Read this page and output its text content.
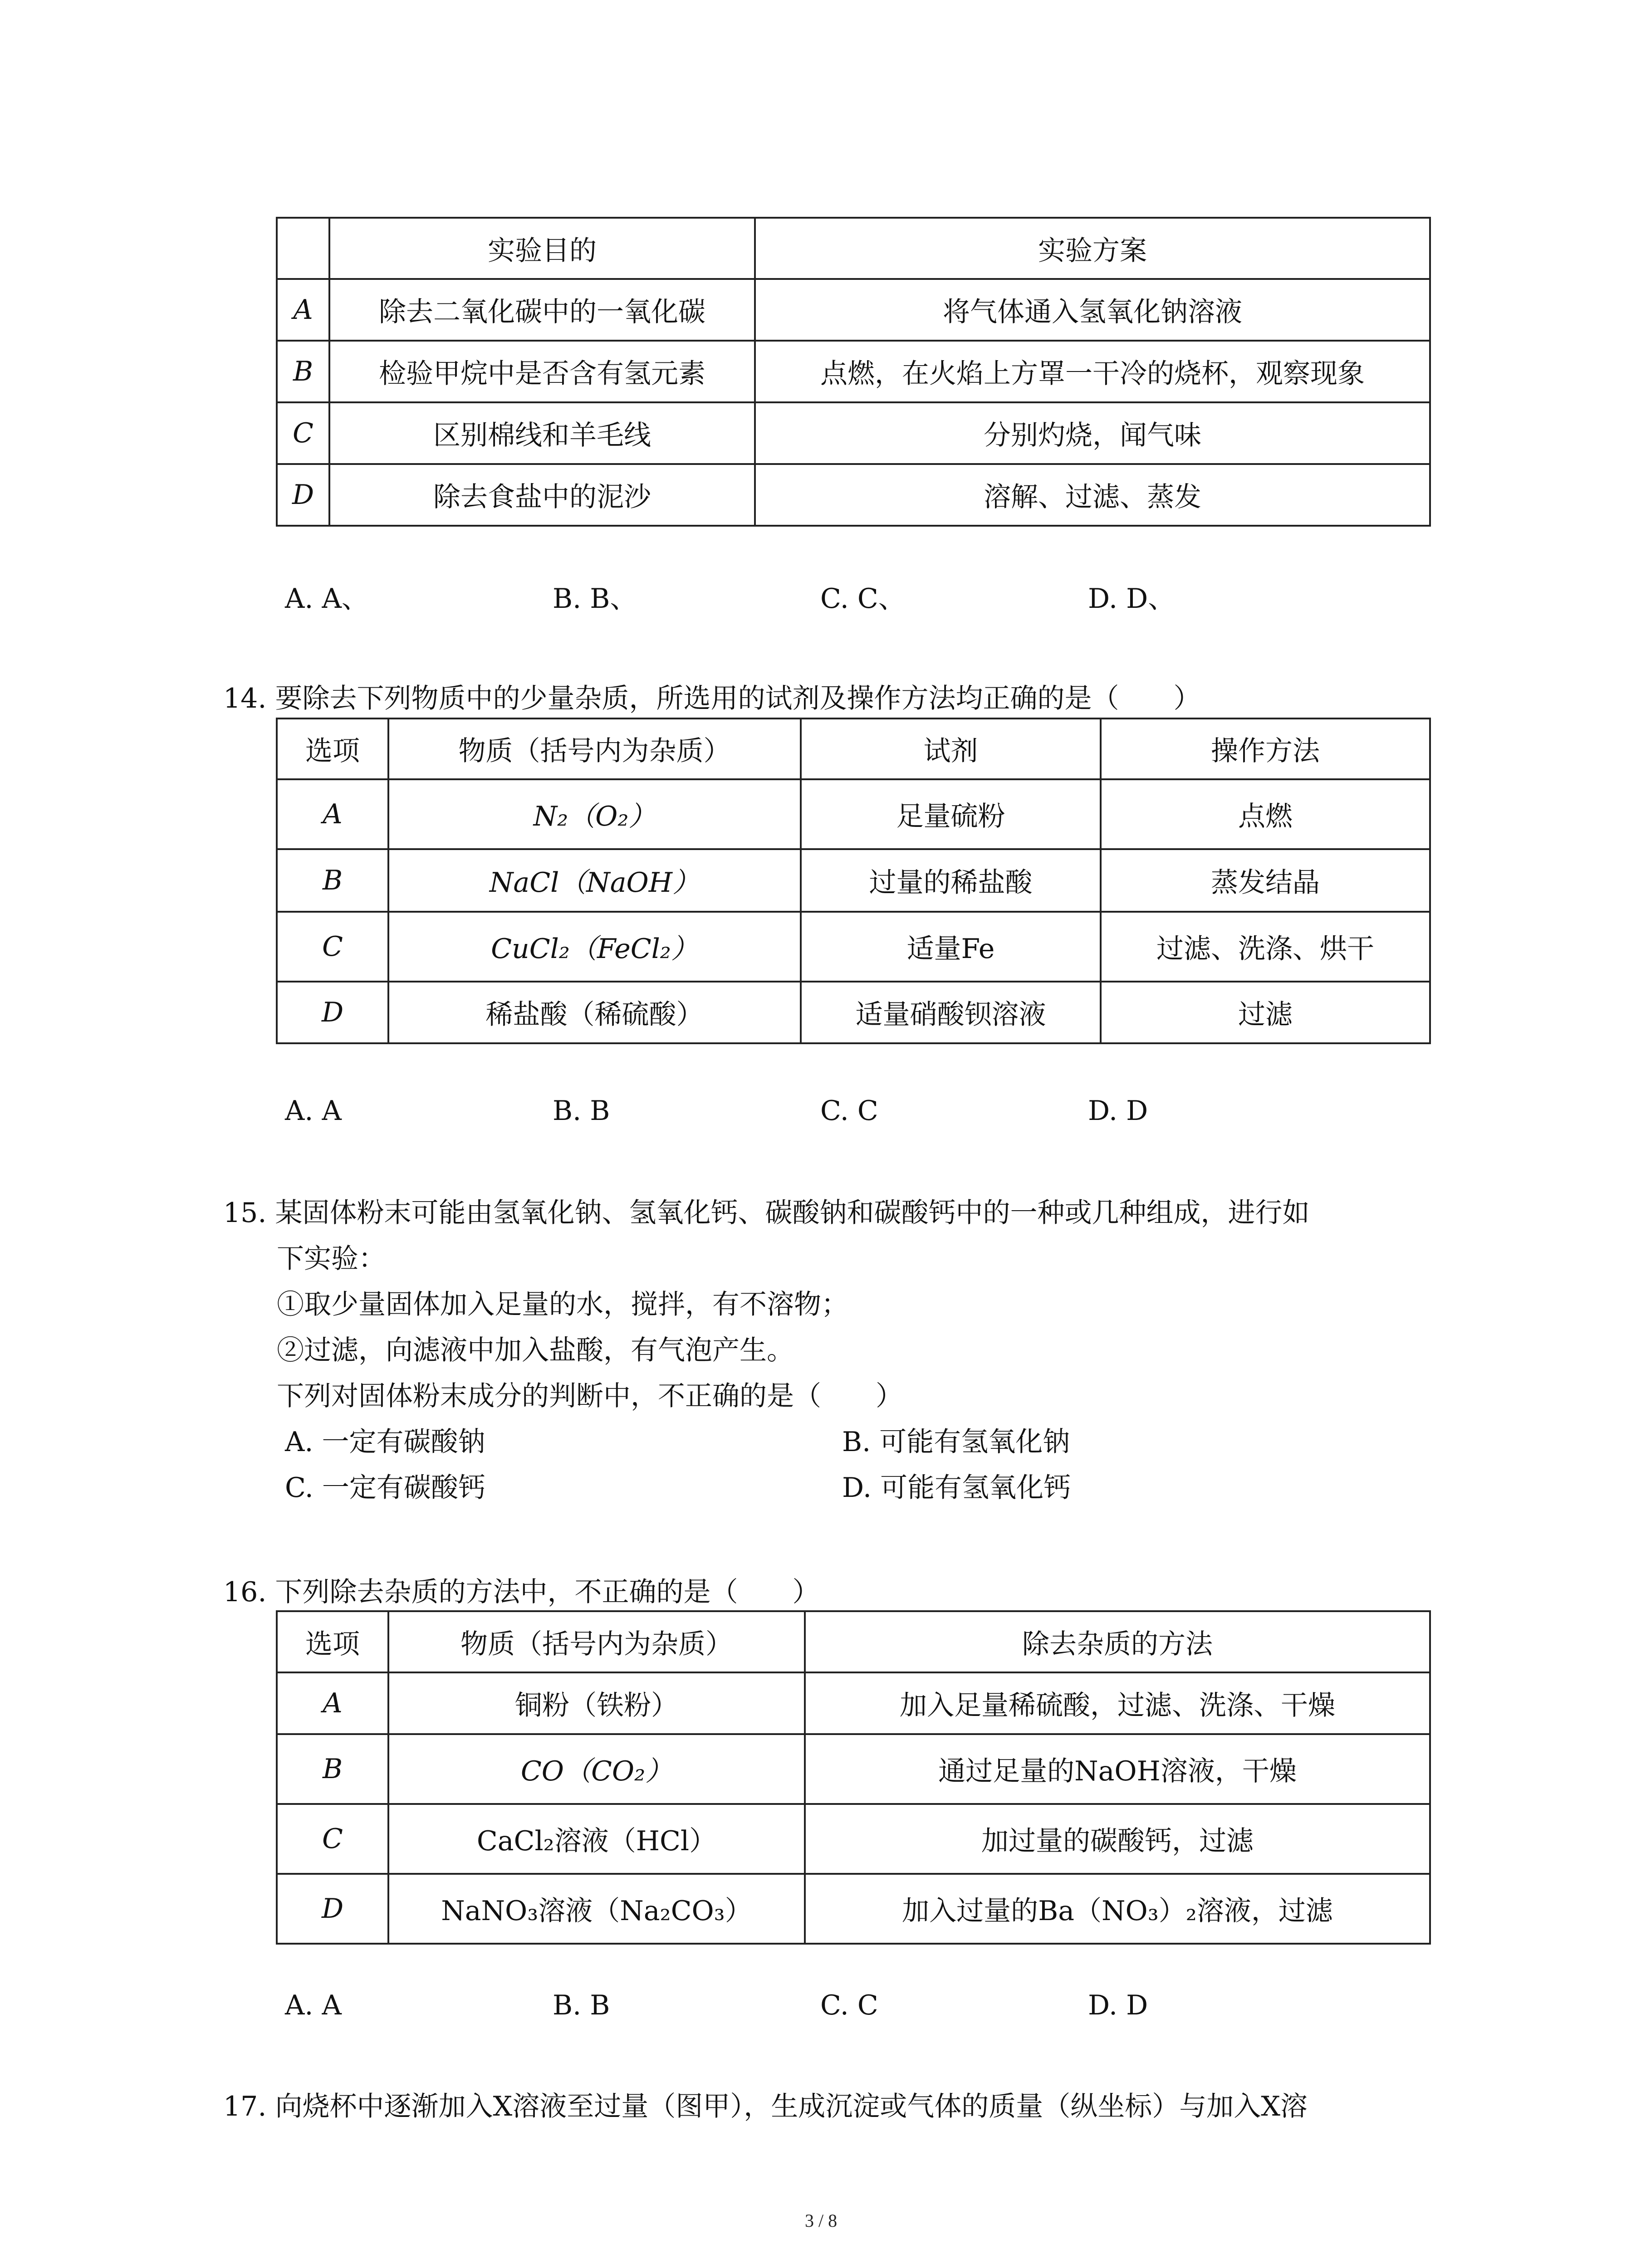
	实验目的	实验方案
A	除去二氧化碳中的一氧化碳	将气体通入氢氧化钠溶液
B	检验甲烷中是否含有氢元素	点燃，在火焰上方罩一干冷的烧杯，观察现象
C	区别棉线和羊毛线	分别灼烧，闻气味
D	除去食盐中的泥沙	溶解、过滤、蒸发
A. A、	B. B、	C. C、	D. D、
14. 要除去下列物质中的少量杂质，所选用的试剂及操作方法均正确的是（　　）
选项	物质（括号内为杂质）	试剂	操作方法
A	N₂（O₂）	足量硫粉	点燃
B	NaCl（NaOH）	过量的稀盐酸	蒸发结晶
C	CuCl₂（FeCl₂）	适量Fe	过滤、洗涤、烘干
D	稀盐酸（稀硫酸）	适量硝酸钡溶液	过滤
A. A	B. B	C. C	D. D
15. 某固体粉末可能由氢氧化钠、氢氧化钙、碳酸钠和碳酸钙中的一种或几种组成，进行如
下实验：
①取少量固体加入足量的水，搅拌，有不溶物；
②过滤，向滤液中加入盐酸，有气泡产生。
下列对固体粉末成分的判断中，不正确的是（　　）
A. 一定有碳酸钠	B. 可能有氢氧化钠
C. 一定有碳酸钙	D. 可能有氢氧化钙
16. 下列除去杂质的方法中，不正确的是（　　）
选项	物质（括号内为杂质）	除去杂质的方法
A	铜粉（铁粉）	加入足量稀硫酸，过滤、洗涤、干燥
B	CO（CO₂）	通过足量的NaOH溶液，干燥
C	CaCl₂溶液（HCl）	加过量的碳酸钙，过滤
D	NaNO₃溶液（Na₂CO₃）	加入过量的Ba（NO₃）₂溶液，过滤
A. A	B. B	C. C	D. D
17. 向烧杯中逐渐加入X溶液至过量（图甲），生成沉淀或气体的质量（纵坐标）与加入X溶
3 / 8
